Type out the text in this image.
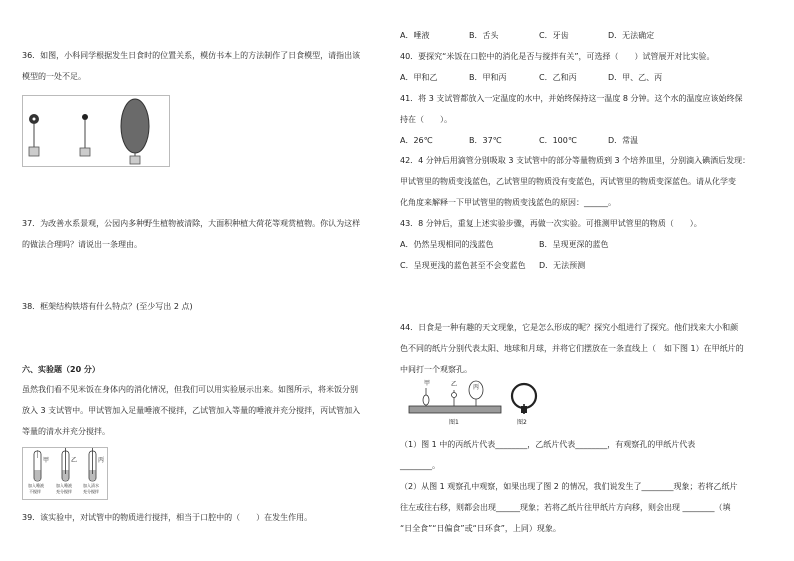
36．如图，小科同学根据发生日食时的位置关系，模仿书本上的方法制作了日食模型，请指出该
模型的一处不足。
37．为改善水系景观，公园内多种野生植物被清除，大面积种植大荷花等观赏植物。你认为这样
的做法合理吗？请说出一条理由。
38．框架结构铁塔有什么特点？(至少写出 2 点)
六、实验题（20 分）
虽然我们看不见米饭在身体内的消化情况，但我们可以用实验展示出来。如图所示，将米饭分别
放入 3 支试管中。甲试管加入足量唾液不搅拌，乙试管加入等量的唾液并充分搅拌，丙试管加入
等量的清水并充分搅拌。
甲	乙	丙
加入唾液
不搅拌
加入唾液
充分搅拌
加入清水
充分搅拌
39．该实验中，对试管中的物质进行搅拌，相当于口腔中的（　　）在发生作用。
A．唾液	B．舌头	C．牙齿	D．无法确定
40．要探究“米饭在口腔中的消化是否与搅拌有关”，可选择（　　）试管展开对比实验。
A．甲和乙	B．甲和丙	C．乙和丙	D．甲、乙、丙
41．将 3 支试管都放入一定温度的水中，并始终保持这一温度 8 分钟。这个水的温度应该始终保
持在（　　）。
A．26℃	B．37℃	C．100℃	D．常温
42．4 分钟后用滴管分别吸取 3 支试管中的部分等量物质到 3 个培养皿里，分别滴入碘酒后发现：
甲试管里的物质变浅蓝色，乙试管里的物质没有变蓝色，丙试管里的物质变深蓝色。请从化学变
化角度来解释一下甲试管里的物质变浅蓝色的原因：______。
43．8 分钟后，重复上述实验步骤，再做一次实验。可推测甲试管里的物质（　　）。
A．仍然呈现相同的浅蓝色	B．呈现更深的蓝色
C．呈现更浅的蓝色甚至不会变蓝色 D．无法预测
44．日食是一种有趣的天文现象，它是怎么形成的呢？探究小组进行了探究。他们找来大小和颜
色不同的纸片分别代表太阳、地球和月球，并将它们摆放在一条直线上（　如下图 1）在甲纸片的
中间打一个观察孔。
甲	乙	丙
图1	图2
（1）图 1 中的丙纸片代表________，乙纸片代表________，有观察孔的甲纸片代表
________。
（2）从图 1 观察孔中观察，如果出现了图 2 的情况，我们说发生了________现象；若将乙纸片
往左或往右移，则都会出现______现象；若将乙纸片往甲纸片方向移，则会出现 ________（填
“日全食”“日偏食”或“日环食”，上同）现象。
